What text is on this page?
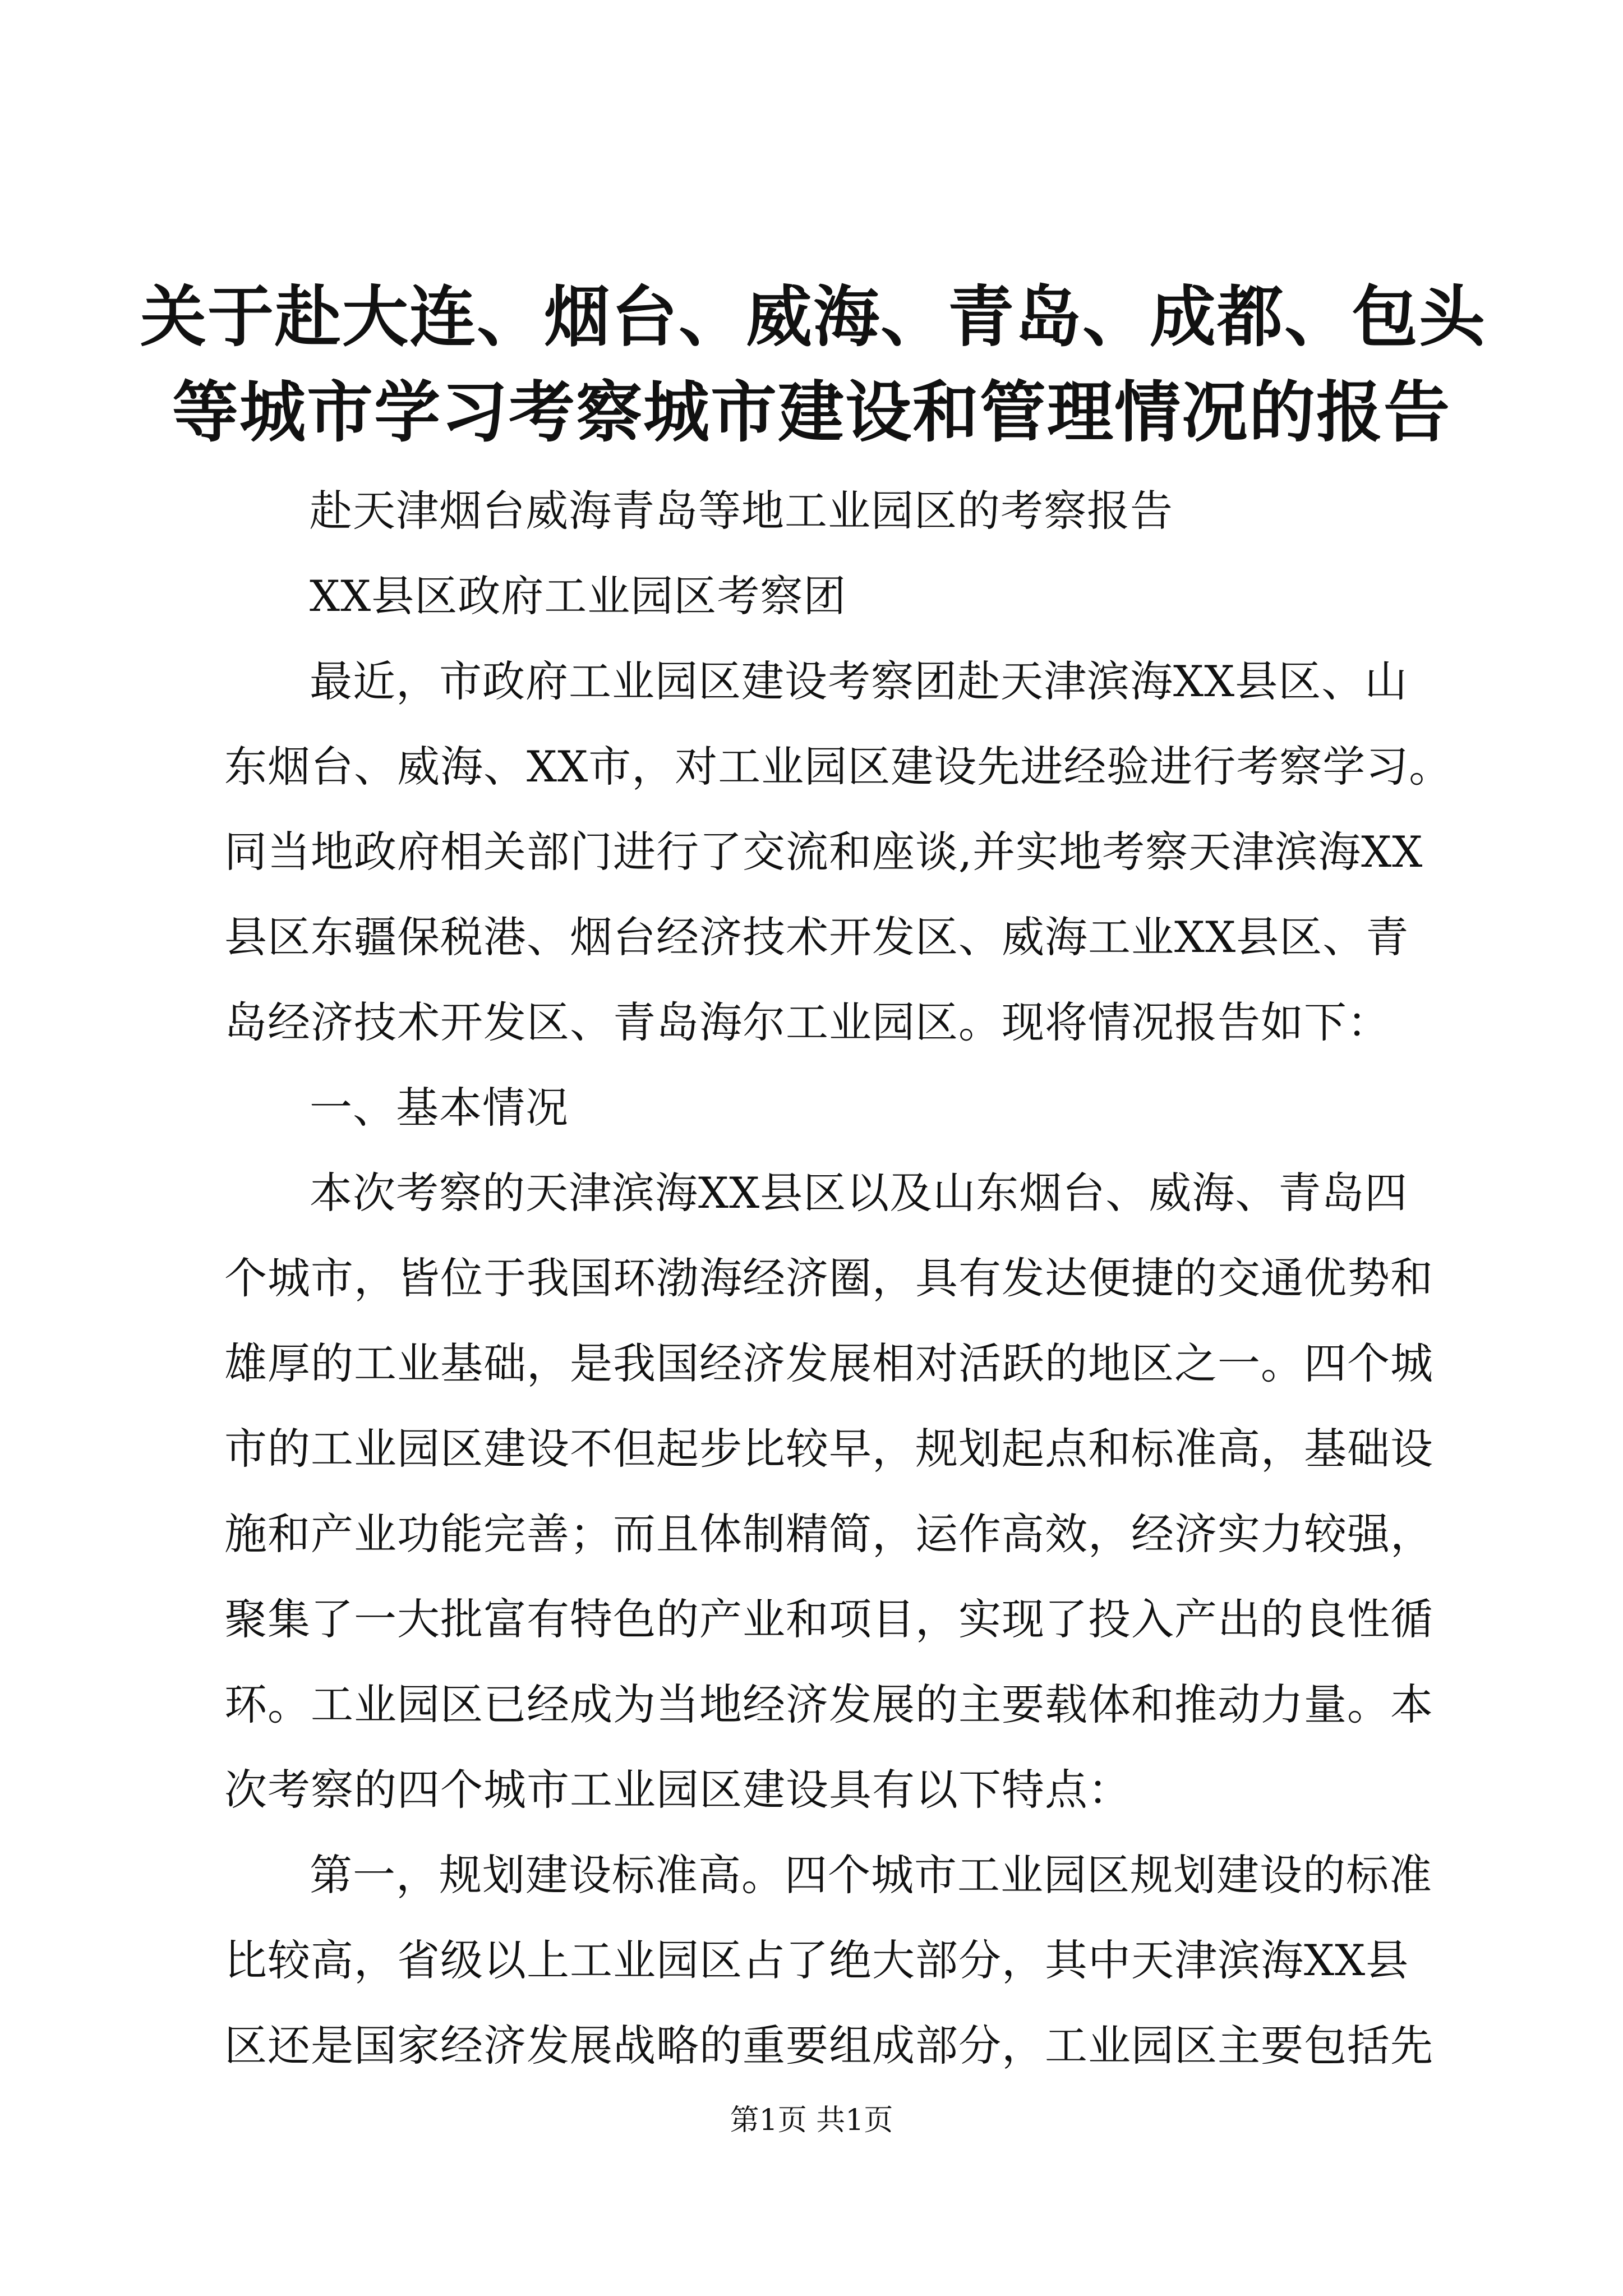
关于赴大连、烟台、威海、青岛、成都、包头
等城市学习考察城市建设和管理情况的报告

赴天津烟台威海青岛等地工业园区的考察报告

XX县区政府工业园区考察团

最近，市政府工业园区建设考察团赴天津滨海XX县区、山
东烟台、威海、XX市，对工业园区建设先进经验进行考察学习。
同当地政府相关部门进行了交流和座谈,并实地考察天津滨海XX
县区东疆保税港、烟台经济技术开发区、威海工业XX县区、青
岛经济技术开发区、青岛海尔工业园区。现将情况报告如下：

一、基本情况

本次考察的天津滨海XX县区以及山东烟台、威海、青岛四
个城市，皆位于我国环渤海经济圈，具有发达便捷的交通优势和
雄厚的工业基础，是我国经济发展相对活跃的地区之一。四个城
市的工业园区建设不但起步比较早，规划起点和标准高，基础设
施和产业功能完善；而且体制精简，运作高效，经济实力较强，
聚集了一大批富有特色的产业和项目，实现了投入产出的良性循
环。工业园区已经成为当地经济发展的主要载体和推动力量。本
次考察的四个城市工业园区建设具有以下特点：

第一，规划建设标准高。四个城市工业园区规划建设的标准
比较高，省级以上工业园区占了绝大部分，其中天津滨海XX县
区还是国家经济发展战略的重要组成部分，工业园区主要包括先

第1页 共1页
